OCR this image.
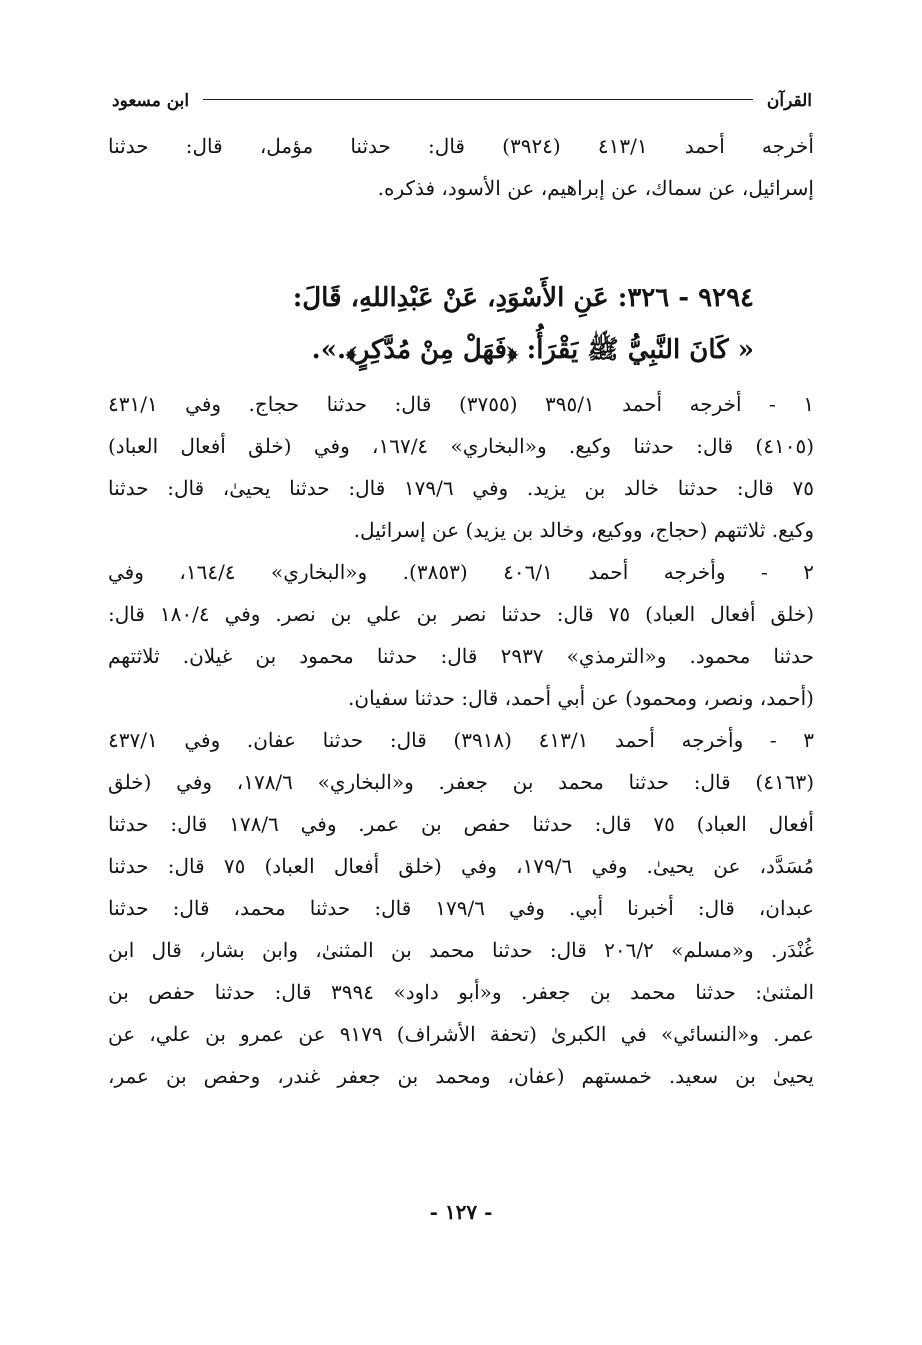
القرآن
ابن مسعود
أخرجه أحمد ٤١٣/١ (٣٩٢٤) قال: حدثنا مؤمل، قال: حدثنا
إسرائيل، عن سماك، عن إبراهيم، عن الأسود، فذكره.
٩٢٩٤ - ٣٢٦: عَنِ الأَسْوَدِ، عَنْ عَبْدِاللهِ، قَالَ:
« كَانَ النَّبِيُّ ﷺ يَقْرَأُ: ﴿فَهَلْ مِنْ مُدَّكِرٍ﴾.».
١ - أخرجه أحمد ٣٩٥/١ (٣٧٥٥) قال: حدثنا حجاج. وفي ٤٣١/١
(٤١٠٥) قال: حدثنا وكيع. و«البخاري» ١٦٧/٤، وفي (خلق أفعال العباد)
٧٥ قال: حدثنا خالد بن يزيد. وفي ١٧٩/٦ قال: حدثنا يحيىٰ، قال: حدثنا
وكيع. ثلاثتهم (حجاج، ووكيع، وخالد بن يزيد) عن إسرائيل.
٢ - وأخرجه أحمد ٤٠٦/١ (٣٨٥٣). و«البخاري» ١٦٤/٤، وفي
(خلق أفعال العباد) ٧٥ قال: حدثنا نصر بن علي بن نصر. وفي ١٨٠/٤ قال:
حدثنا محمود. و«الترمذي» ٢٩٣٧ قال: حدثنا محمود بن غيلان. ثلاثتهم
(أحمد، ونصر، ومحمود) عن أبي أحمد، قال: حدثنا سفيان.
٣ - وأخرجه أحمد ٤١٣/١ (٣٩١٨) قال: حدثنا عفان. وفي ٤٣٧/١
(٤١٦٣) قال: حدثنا محمد بن جعفر. و«البخاري» ١٧٨/٦، وفي (خلق
أفعال العباد) ٧٥ قال: حدثنا حفص بن عمر. وفي ١٧٨/٦ قال: حدثنا
مُسَدَّد، عن يحيىٰ. وفي ١٧٩/٦، وفي (خلق أفعال العباد) ٧٥ قال: حدثنا
عبدان، قال: أخبرنا أبي. وفي ١٧٩/٦ قال: حدثنا محمد، قال: حدثنا
غُنْدَر. و«مسلم» ٢٠٦/٢ قال: حدثنا محمد بن المثنىٰ، وابن بشار، قال ابن
المثنىٰ: حدثنا محمد بن جعفر. و«أبو داود» ٣٩٩٤ قال: حدثنا حفص بن
عمر. و«النسائي» في الكبرىٰ (تحفة الأشراف) ٩١٧٩ عن عمرو بن علي، عن
يحيىٰ بن سعيد. خمستهم (عفان، ومحمد بن جعفر غندر، وحفص بن عمر،
- ١٢٧ -
